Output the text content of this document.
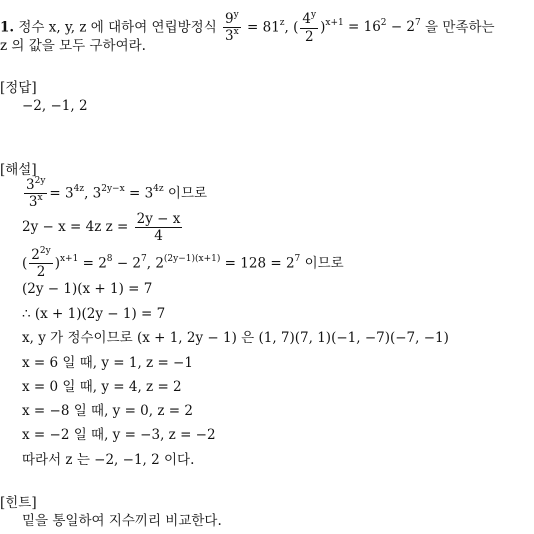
1. 정수 x, y, z 에 대하여 연립방정식 $\frac{9^y}{3^x} = 81^z$, ( $\frac{4^y}{2} )^{x+1} = 16^2 - 2^7$ 을 만족하는
z 의 값을 모두 구하여라.
[정답]
−2, −1, 2
[해설]
$\frac{3^{2y}}{3^x} = 3^{4z}$, $3^{2y-x} = 3^{4z}$ 이므로
2y − x = 4z $z = \frac{2y - x}{4}$
( $\frac{2^{2y}}{2} )^{x+1} = 2^8 - 2^7$, $2^{(2y-1)(x+1)} = 128 = 2^7$ 이므로
(2y − 1)(x + 1) = 7
∴ (x + 1)(2y − 1) = 7
x, y 가 정수이므로 (x + 1, 2y − 1) 은 (1, 7)(7, 1)(−1, −7)(−7, −1)
x = 6 일 때, y = 1, z = −1
x = 0 일 때, y = 4, z = 2
x = −8 일 때, y = 0, z = 2
x = −2 일 때, y = −3, z = −2
따라서 z 는 −2, −1, 2 이다.
[힌트]
밑을 통일하여 지수끼리 비교한다.
